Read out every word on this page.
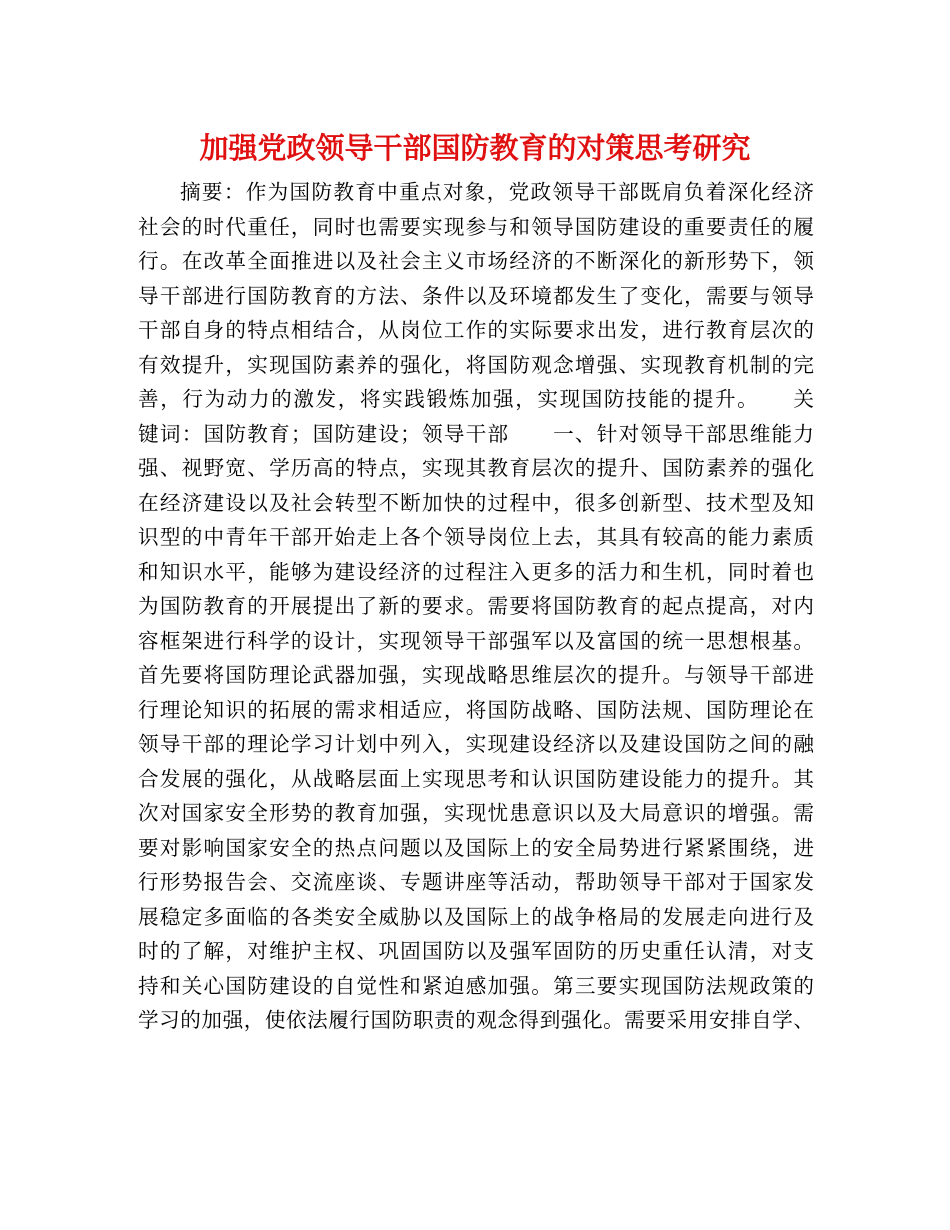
加强党政领导干部国防教育的对策思考研究
摘要：作为国防教育中重点对象，党政领导干部既肩负着深化经济
社会的时代重任，同时也需要实现参与和领导国防建设的重要责任的履
行。在改革全面推进以及社会主义市场经济的不断深化的新形势下，领
导干部进行国防教育的方法、条件以及环境都发生了变化，需要与领导
干部自身的特点相结合，从岗位工作的实际要求出发，进行教育层次的
有效提升，实现国防素养的强化，将国防观念增强、实现教育机制的完
善，行为动力的激发，将实践锻炼加强，实现国防技能的提升。　　关
键词：国防教育；国防建设；领导干部　　一、针对领导干部思维能力
强、视野宽、学历高的特点，实现其教育层次的提升、国防素养的强化
在经济建设以及社会转型不断加快的过程中，很多创新型、技术型及知
识型的中青年干部开始走上各个领导岗位上去，其具有较高的能力素质
和知识水平，能够为建设经济的过程注入更多的活力和生机，同时着也
为国防教育的开展提出了新的要求。需要将国防教育的起点提高，对内
容框架进行科学的设计，实现领导干部强军以及富国的统一思想根基。
首先要将国防理论武器加强，实现战略思维层次的提升。与领导干部进
行理论知识的拓展的需求相适应，将国防战略、国防法规、国防理论在
领导干部的理论学习计划中列入，实现建设经济以及建设国防之间的融
合发展的强化，从战略层面上实现思考和认识国防建设能力的提升。其
次对国家安全形势的教育加强，实现忧患意识以及大局意识的增强。需
要对影响国家安全的热点问题以及国际上的安全局势进行紧紧围绕，进
行形势报告会、交流座谈、专题讲座等活动，帮助领导干部对于国家发
展稳定多面临的各类安全威胁以及国际上的战争格局的发展走向进行及
时的了解，对维护主权、巩固国防以及强军固防的历史重任认清，对支
持和关心国防建设的自觉性和紧迫感加强。第三要实现国防法规政策的
学习的加强，使依法履行国防职责的观念得到强化。需要采用安排自学、
